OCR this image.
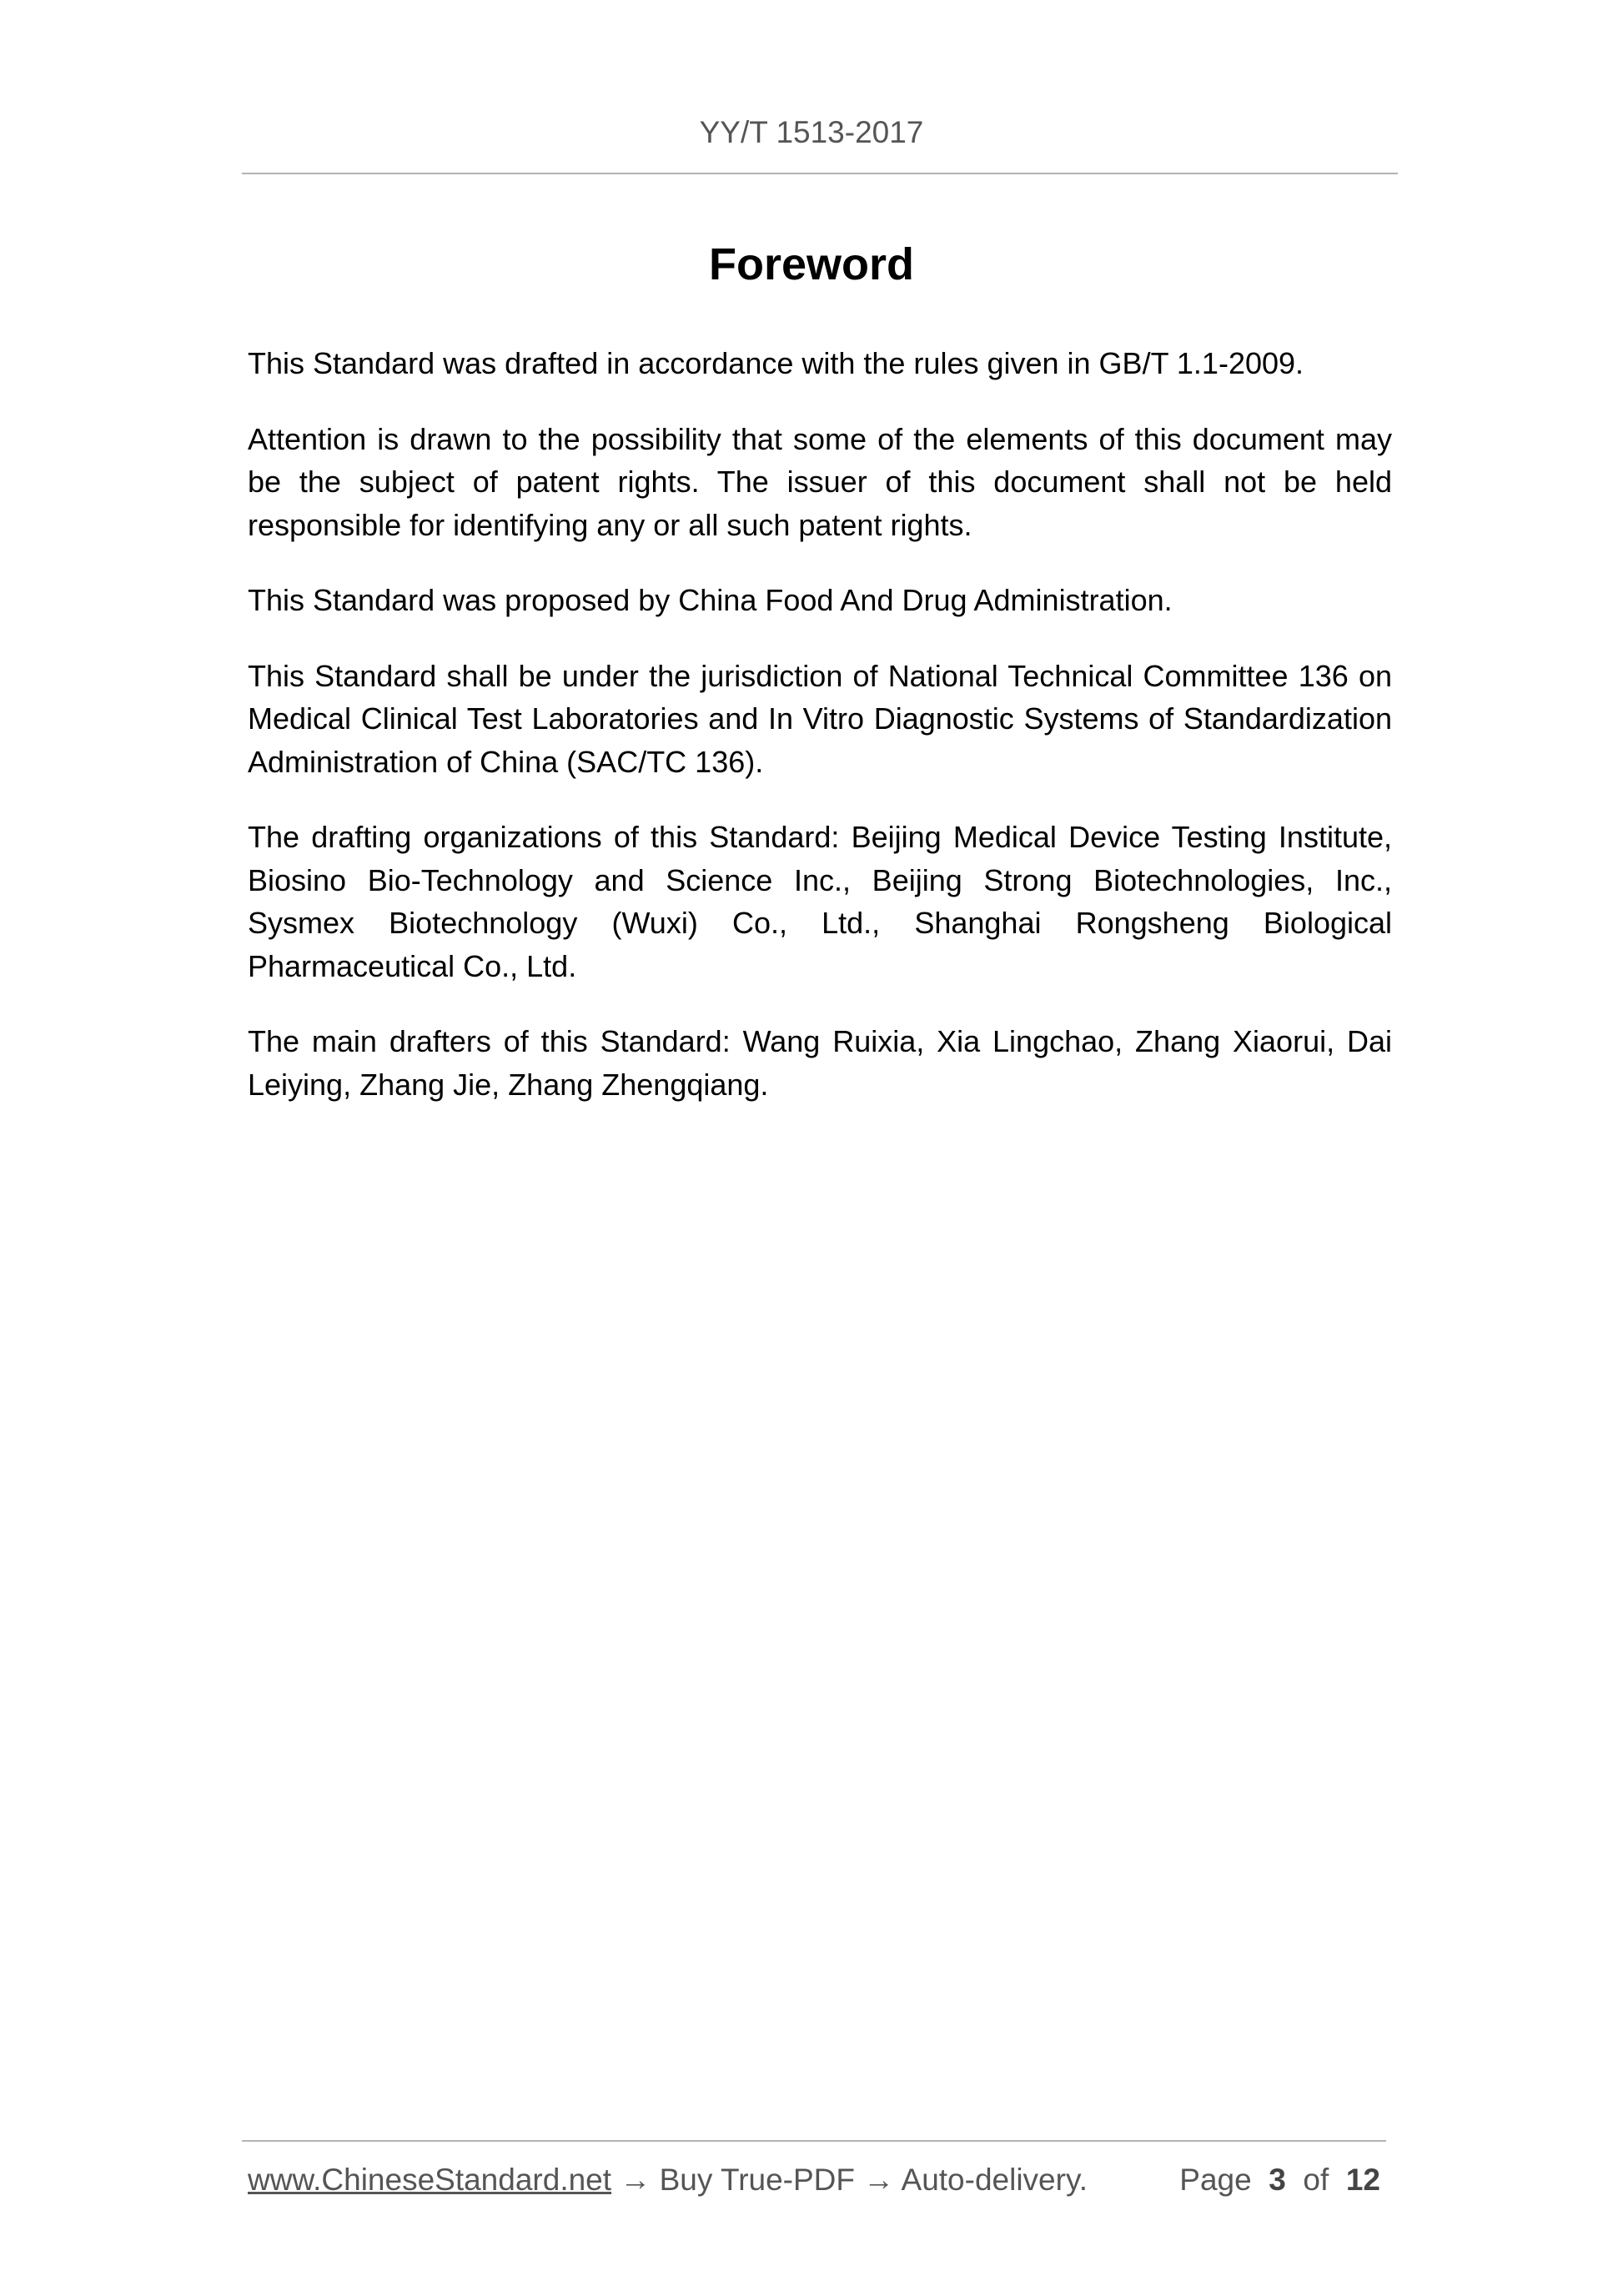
YY/T 1513-2017
Foreword

This Standard was drafted in accordance with the rules given in GB/T 1.1-2009.

Attention is drawn to the possibility that some of the elements of this document may be the subject of patent rights. The issuer of this document shall not be held responsible for identifying any or all such patent rights.

This Standard was proposed by China Food And Drug Administration.

This Standard shall be under the jurisdiction of National Technical Committee 136 on Medical Clinical Test Laboratories and In Vitro Diagnostic Systems of Standardization Administration of China (SAC/TC 136).

The drafting organizations of this Standard: Beijing Medical Device Testing Institute, Biosino Bio-Technology and Science Inc., Beijing Strong Biotechnologies, Inc., Sysmex Biotechnology (Wuxi) Co., Ltd., Shanghai Rongsheng Biological Pharmaceutical Co., Ltd.

The main drafters of this Standard: Wang Ruixia, Xia Lingchao, Zhang Xiaorui, Dai Leiying, Zhang Jie, Zhang Zhengqiang.

www.ChineseStandard.net → Buy True-PDF → Auto-delivery.	Page 3 of 12
